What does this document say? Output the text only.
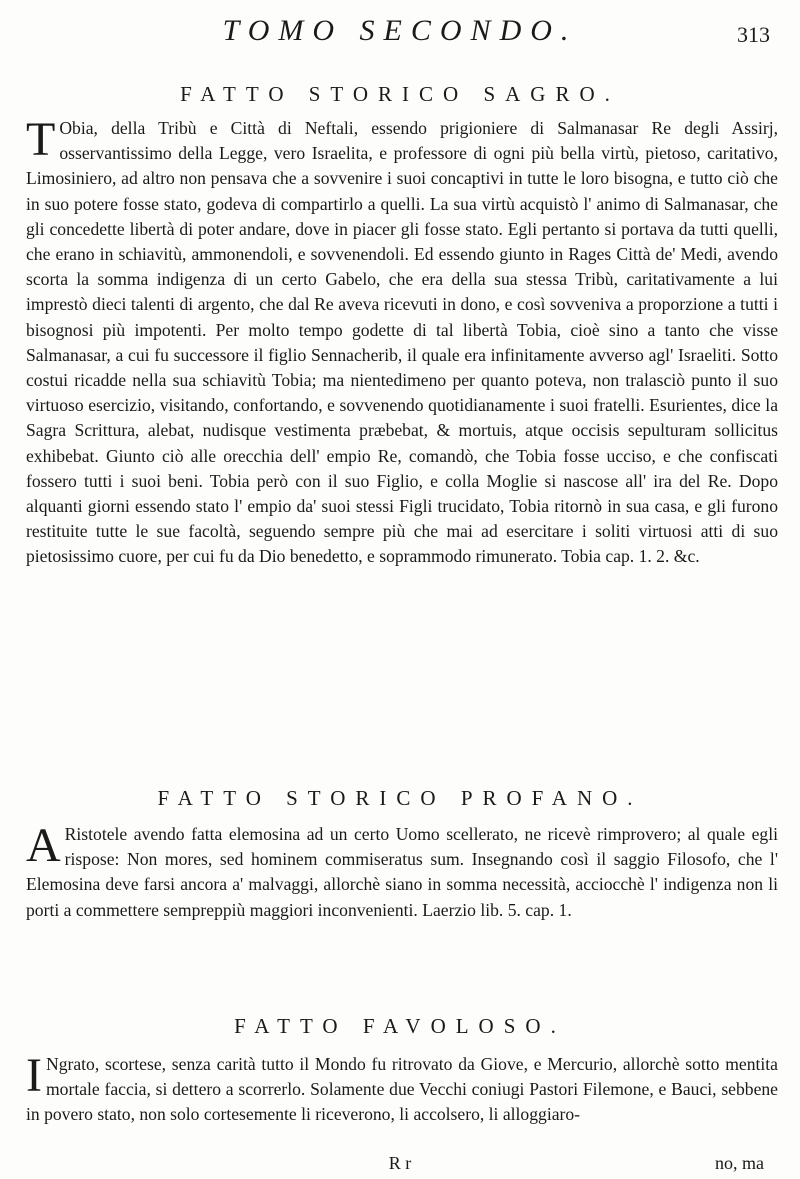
TOMO SECONDO.	313
FATTO STORICO SAGRO.

T Obia, della Tribù e Città di Neftali, essendo prigioniere di Salmanasar Re degli Assirj, osservantissimo della Legge, vero Israelita, e professore di ogni più bella virtù, pietoso, caritativo, Limosiniero, ad altro non pensava che a sovvenire i suoi concaptivi in tutte le loro bisogna, e tutto ciò che in suo potere fosse stato, godeva di compartirlo a quelli. La sua virtù acquistò l' animo di Salmanasar, che gli concedette libertà di poter andare, dove in piacer gli fosse stato. Egli pertanto si portava da tutti quelli, che erano in schiavitù, ammonendoli, e sovvenendoli. Ed essendo giunto in Rages Città de' Medi, avendo scorta la somma indigenza di un certo Gabelo, che era della sua stessa Tribù, caritativamente a lui imprestò dieci talenti di argento, che dal Re aveva ricevuti in dono, e così sovveniva a proporzione a tutti i bisognosi più impotenti. Per molto tempo godette di tal libertà Tobia, cioè sino a tanto che visse Salmanasar, a cui fu successore il figlio Sennacherib, il quale era infinitamente avverso agl' Israeliti. Sotto costui ricadde nella sua schiavitù Tobia; ma nientedimeno per quanto poteva, non tralasciò punto il suo virtuoso esercizio, visitando, confortando, e sovvenendo quotidianamente i suoi fratelli. Esurientes, dice la Sagra Scrittura, alebat, nudisque vestimenta præbebat, & mortuis, atque occisis sepulturam sollicitus exhibebat. Giunto ciò alle orecchia dell' empio Re, comandò, che Tobia fosse ucciso, e che confiscati fossero tutti i suoi beni. Tobia però con il suo Figlio, e colla Moglie si nascose all' ira del Re. Dopo alquanti giorni essendo stato l' empio da' suoi stessi Figli trucidato, Tobia ritornò in sua casa, e gli furono restituite tutte le sue facoltà, seguendo sempre più che mai ad esercitare i soliti virtuosi atti di suo pietosissimo cuore, per cui fu da Dio benedetto, e soprammodo rimunerato. Tobia cap. 1. 2. &c.

FATTO STORICO PROFANO.

A Ristotele avendo fatta elemosina ad un certo Uomo scellerato, ne ricevè rimprovero; al quale egli rispose: Non mores, sed hominem commiseratus sum. Insegnando così il saggio Filosofo, che l' Elemosina deve farsi ancora a' malvaggi, allorchè siano in somma necessità, acciocchè l' indigenza non li porti a commettere sempreppiù maggiori inconvenienti. Laerzio lib. 5. cap. 1.

FATTO FAVOLOSO.

I Ngrato, scortese, senza carità tutto il Mondo fu ritrovato da Giove, e Mercurio, allorchè sotto mentita mortale faccia, si dettero a scorrerlo. Solamente due Vecchi coniugi Pastori Filemone, e Bauci, sebbene in povero stato, non solo cortesemente li riceverono, li accolsero, li alloggiaro-

R r	no, ma
